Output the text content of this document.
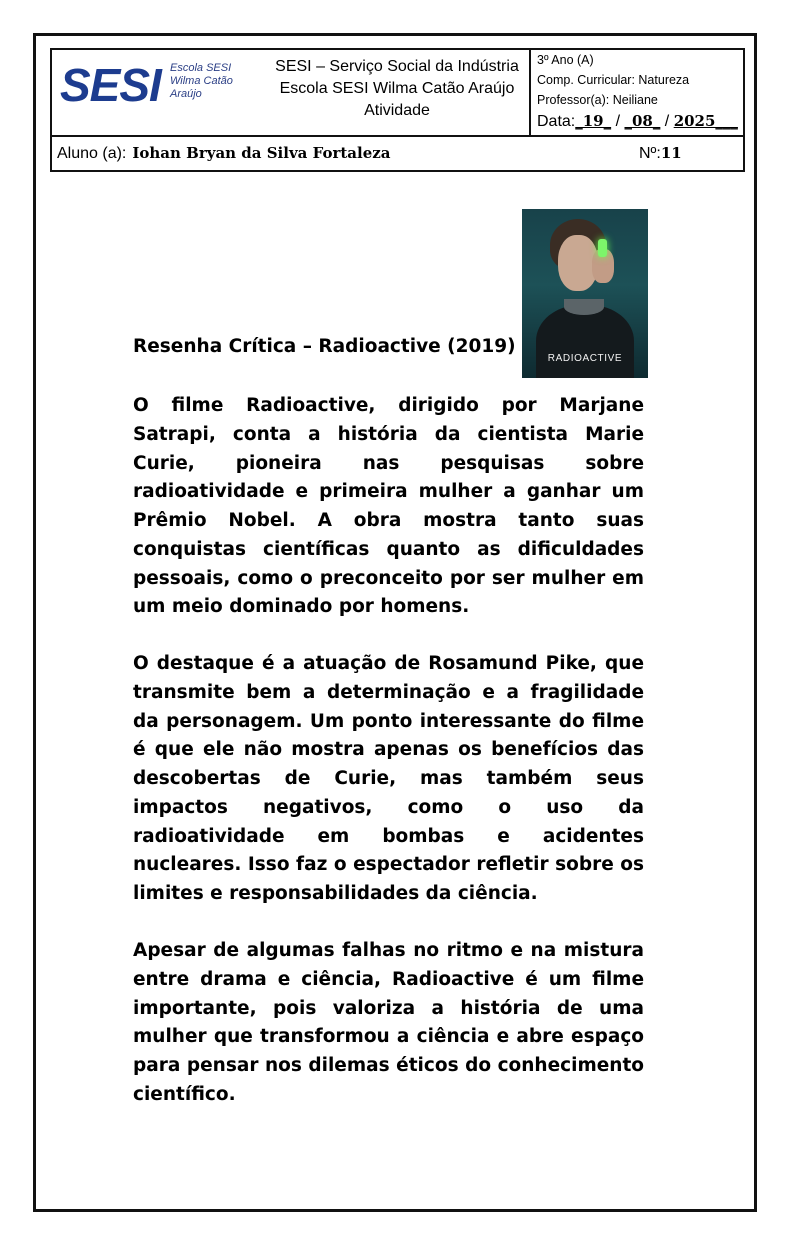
SESI Escola SESI
Wilma Catão
Araújo
SESI – Serviço Social da Indústria
Escola SESI Wilma Catão Araújo
Atividade
3º Ano (A)
Comp. Curricular: Natureza
Professor(a): Neiliane
Data:_19_ / _08_ / 2025___
Aluno (a): Iohan Bryan da Silva Fortaleza	Nº:11
RADIOACTIVE
Resenha Crítica – Radioactive (2019)

O filme Radioactive, dirigido por Marjane Satrapi, conta a história da cientista Marie Curie, pioneira nas pesquisas sobre radioatividade e primeira mulher a ganhar um Prêmio Nobel. A obra mostra tanto suas conquistas científicas quanto as dificuldades pessoais, como o preconceito por ser mulher em um meio dominado por homens.

O destaque é a atuação de Rosamund Pike, que transmite bem a determinação e a fragilidade da personagem. Um ponto interessante do filme é que ele não mostra apenas os benefícios das descobertas de Curie, mas também seus impactos negativos, como o uso da radioatividade em bombas e acidentes nucleares. Isso faz o espectador refletir sobre os limites e responsabilidades da ciência.

Apesar de algumas falhas no ritmo e na mistura entre drama e ciência, Radioactive é um filme importante, pois valoriza a história de uma mulher que transformou a ciência e abre espaço para pensar nos dilemas éticos do conhecimento científico.
